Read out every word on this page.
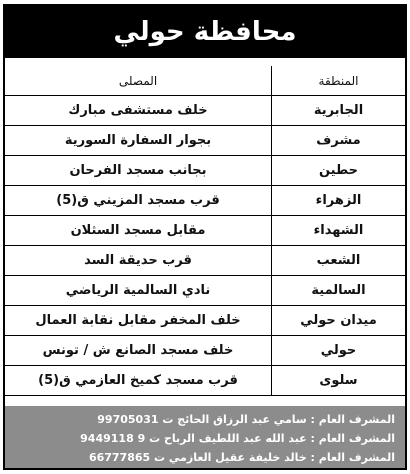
محافظة حولي
المنطقة	المصلى
الجابرية	خلف مستشفى مبارك
مشرف	بجوار السفارة السورية
حطين	بجانب مسجد الفرحان
الزهراء	قرب مسجد المزيني ق(5)
الشهداء	مقابل مسجد السثلان
الشعب	قرب حديقة السد
السالمية	نادي السالمية الرياضي
ميدان حولي	خلف المخفر مقابل نقابة العمال
حولي	خلف مسجد الصانع ش / تونس
سلوى	قرب مسجد كميخ العازمي ق(5)
المشرف العام : سامي عبد الرزاق الحائج ت 99705031
المشرف العام : عبد الله عبد اللطيف الرباح ت 9 9449118
المشرف العام : خالد خليفة عقيل العازمي ت 66777865
